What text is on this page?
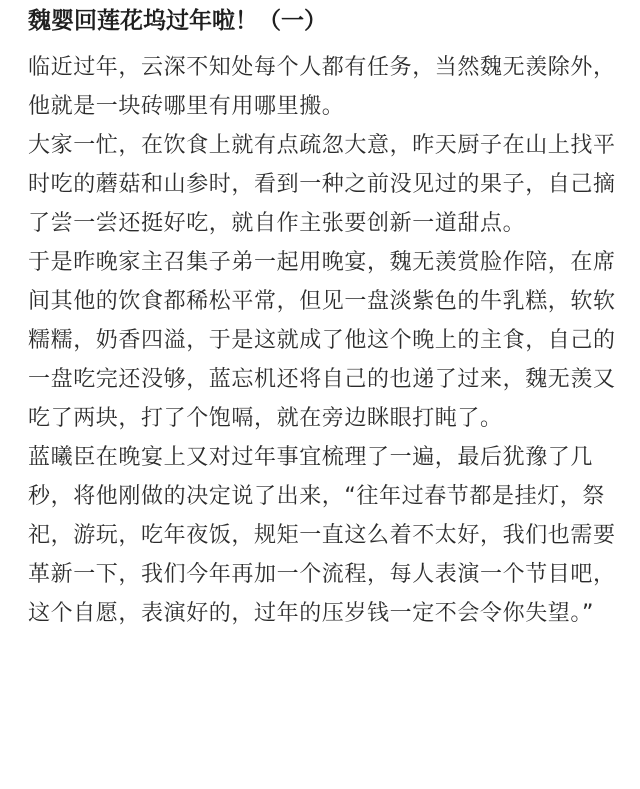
魏婴回莲花坞过年啦！（一）

临近过年，云深不知处每个人都有任务，当然魏无羡除外，他就是一块砖哪里有用哪里搬。

大家一忙，在饮食上就有点疏忽大意，昨天厨子在山上找平时吃的蘑菇和山参时，看到一种之前没见过的果子，自己摘了尝一尝还挺好吃，就自作主张要创新一道甜点。

于是昨晚家主召集子弟一起用晚宴，魏无羡赏脸作陪，在席间其他的饮食都稀松平常，但见一盘淡紫色的牛乳糕，软软糯糯，奶香四溢，于是这就成了他这个晚上的主食，自己的一盘吃完还没够，蓝忘机还将自己的也递了过来，魏无羡又吃了两块，打了个饱嗝，就在旁边眯眼打盹了。

蓝曦臣在晚宴上又对过年事宜梳理了一遍，最后犹豫了几秒，将他刚做的决定说了出来，“往年过春节都是挂灯，祭祀，游玩，吃年夜饭，规矩一直这么着不太好，我们也需要革新一下，我们今年再加一个流程，每人表演一个节目吧，这个自愿，表演好的，过年的压岁钱一定不会令你失望。”
